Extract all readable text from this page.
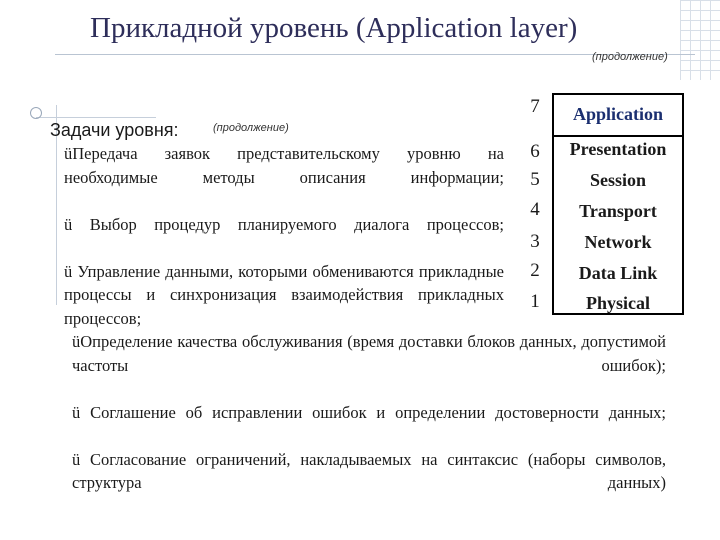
Прикладной уровень (Application layer)
(продолжение)
Задачи уровня:	(продолжение)
üПередача заявок представительскому уровню на необходимые методы описания информации;
ü Выбор процедур планируемого диалога процессов;
ü Управление данными, которыми обмениваются прикладные процессы и синхронизация взаимодействия прикладных процессов;
7
6
5
4
3
2
1
Application
Presentation
Session
Transport
Network
Data Link
Physical
üОпределение качества обслуживания (время доставки блоков данных, допустимой частоты ошибок);
ü Соглашение об исправлении ошибок и определении достоверности данных;
ü Согласование ограничений, накладываемых на синтаксис (наборы символов, структура данных)
